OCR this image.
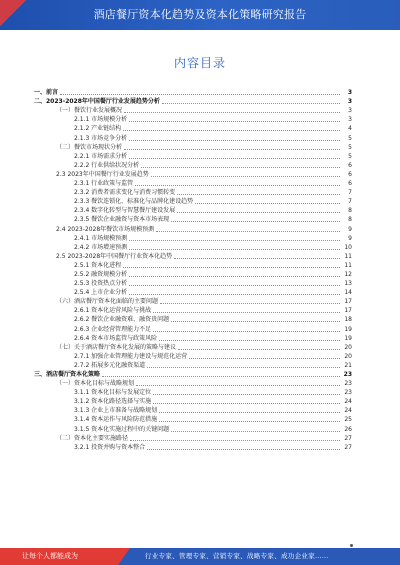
酒店餐厅资本化趋势及资本化策略研究报告
内容目录
一、前言	3
二、2023-2028年中国餐厅行业发展趋势分析	3
（一）餐饮行业发展概况	3
2.1.1 市场规模分析	3
2.1.2 产业链结构	4
2.1.3 市场竞争分析	5
（二）餐饮市场现状分析	5
2.2.1 市场需求分析	5
2.2.2 行业供给状况分析	6
2.3 2023年中国餐厅行业发展趋势	6
2.3.1 行业政策与监管	6
2.3.2 消费者需求变化与消费习惯转变	7
2.3.3 餐饮连锁化、标准化与品牌化建设趋势	7
2.3.4 数字化转型与智慧餐厅建设发展	8
2.3.5 餐饮企业融资与资本市场表现	8
2.4 2023-2028年餐饮市场规模预测	9
2.4.1 市场规模预测	9
2.4.2 市场增速预测	10
2.5 2023-2028年中国餐厅行业资本化趋势	11
2.5.1 资本化进程	11
2.5.2 融资规模分析	12
2.5.3 投资热点分析	13
2.5.4 上市企业分析	14
（六）酒店餐厅资本化面临的主要问题	17
2.6.1 资本化运营风险与挑战	17
2.6.2 餐饮企业融资难、融资贵问题	18
2.6.3 企业经营管理能力不足	19
2.6.4 资本市场监管与政策风险	19
（七）关于酒店餐厅资本化发展的策略与建议	20
2.7.1 加强企业管理能力建设与规范化运营	20
2.7.2 拓展多元化融资渠道	21
三、酒店餐厅资本化策略	23
（一）资本化目标与战略规划	23
3.1.1 资本化目标与发展定位	23
3.1.2 资本化路径选择与实施	24
3.1.3 企业上市准备与战略规划	24
3.1.4 资本运作与风险防范措施	25
3.1.5 资本化实施过程中的关键问题	26
（二）资本化主要实施路径	27
3.2.1 投资并购与资本整合	27
让每个人都能成为	行业专家、管理专家、营销专家、战略专家、成功企业家……
